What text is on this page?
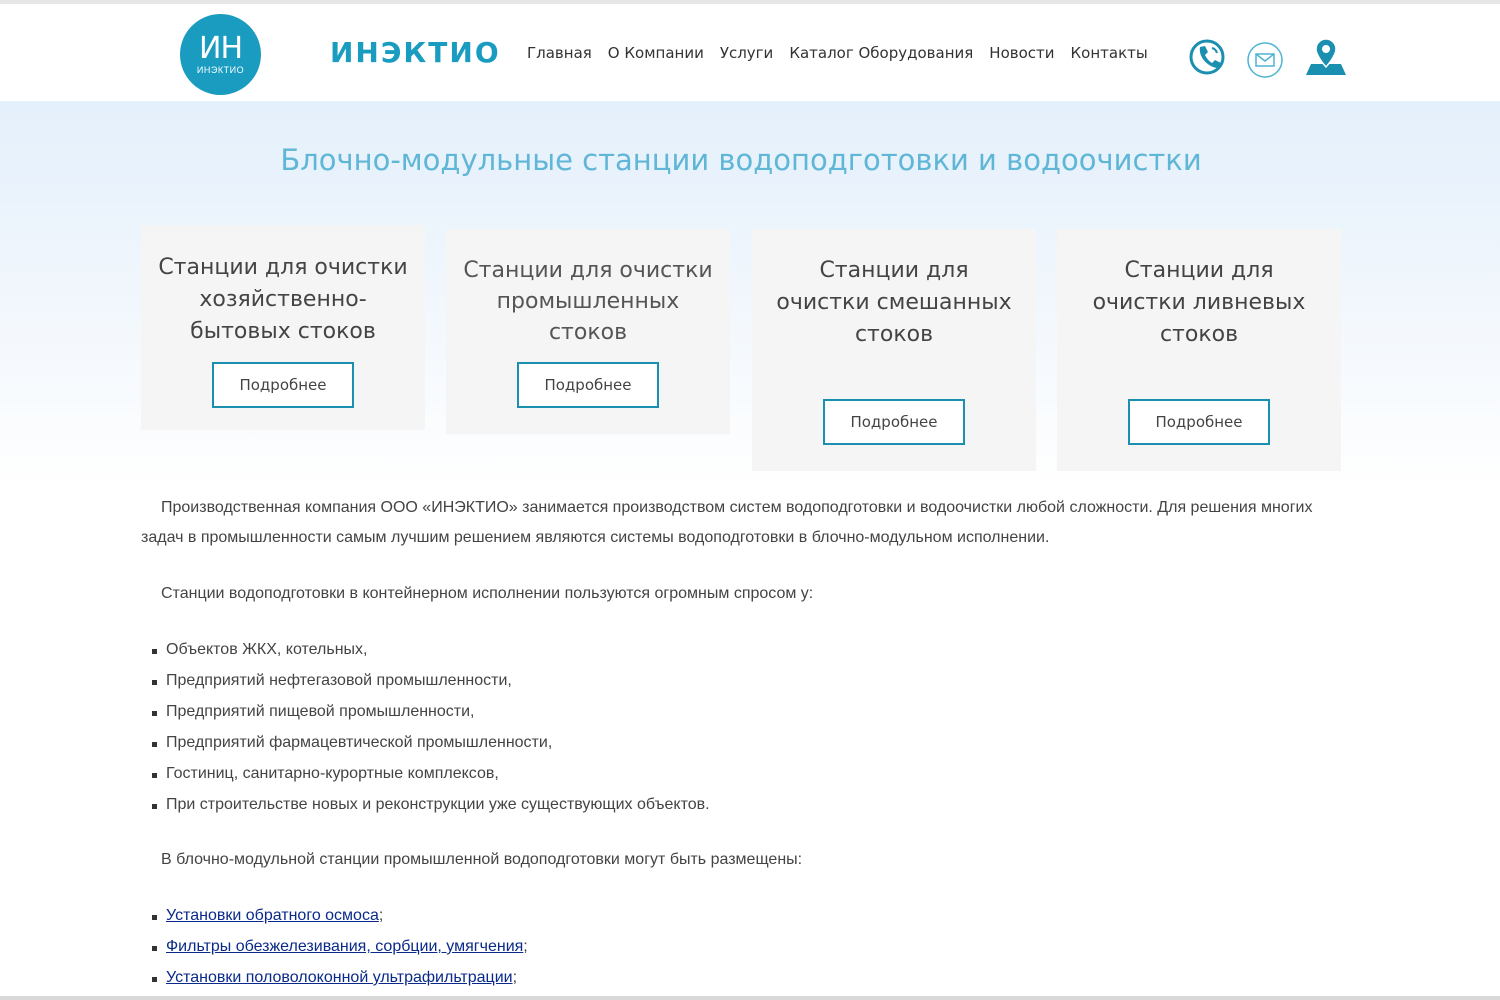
ИН
ИНЭКТИО
ИНЭКТИО Главная О Компании Услуги Каталог Оборудования Новости Контакты
Блочно-модульные станции водоподготовки и водоочистки
Станции для очистки
хозяйственно-
бытовых стоков
Подробнее
Станции для очистки
промышленных
стоков
Подробнее
Станции для
очистки смешанных
стоков
Подробнее
Станции для
очистки ливневых
стоков
Подробнее

Производственная компания ООО «ИНЭКТИО» занимается производством систем водоподготовки и водоочистки любой сложности. Для решения многих задач в промышленности самым лучшим решением являются системы водоподготовки в блочно-модульном исполнении.

Станции водоподготовки в контейнерном исполнении пользуются огромным спросом у:

Объектов ЖКХ, котельных,
Предприятий нефтегазовой промышленности,
Предприятий пищевой промышленности,
Предприятий фармацевтической промышленности,
Гостиниц, санитарно-курортные комплексов,
При строительстве новых и реконструкции уже существующих объектов.

В блочно-модульной станции промышленной водоподготовки могут быть размещены:

Установки обратного осмоса;
Фильтры обезжелезивания, сорбции, умягчения;
Установки половолоконной ультрафильтрации;
